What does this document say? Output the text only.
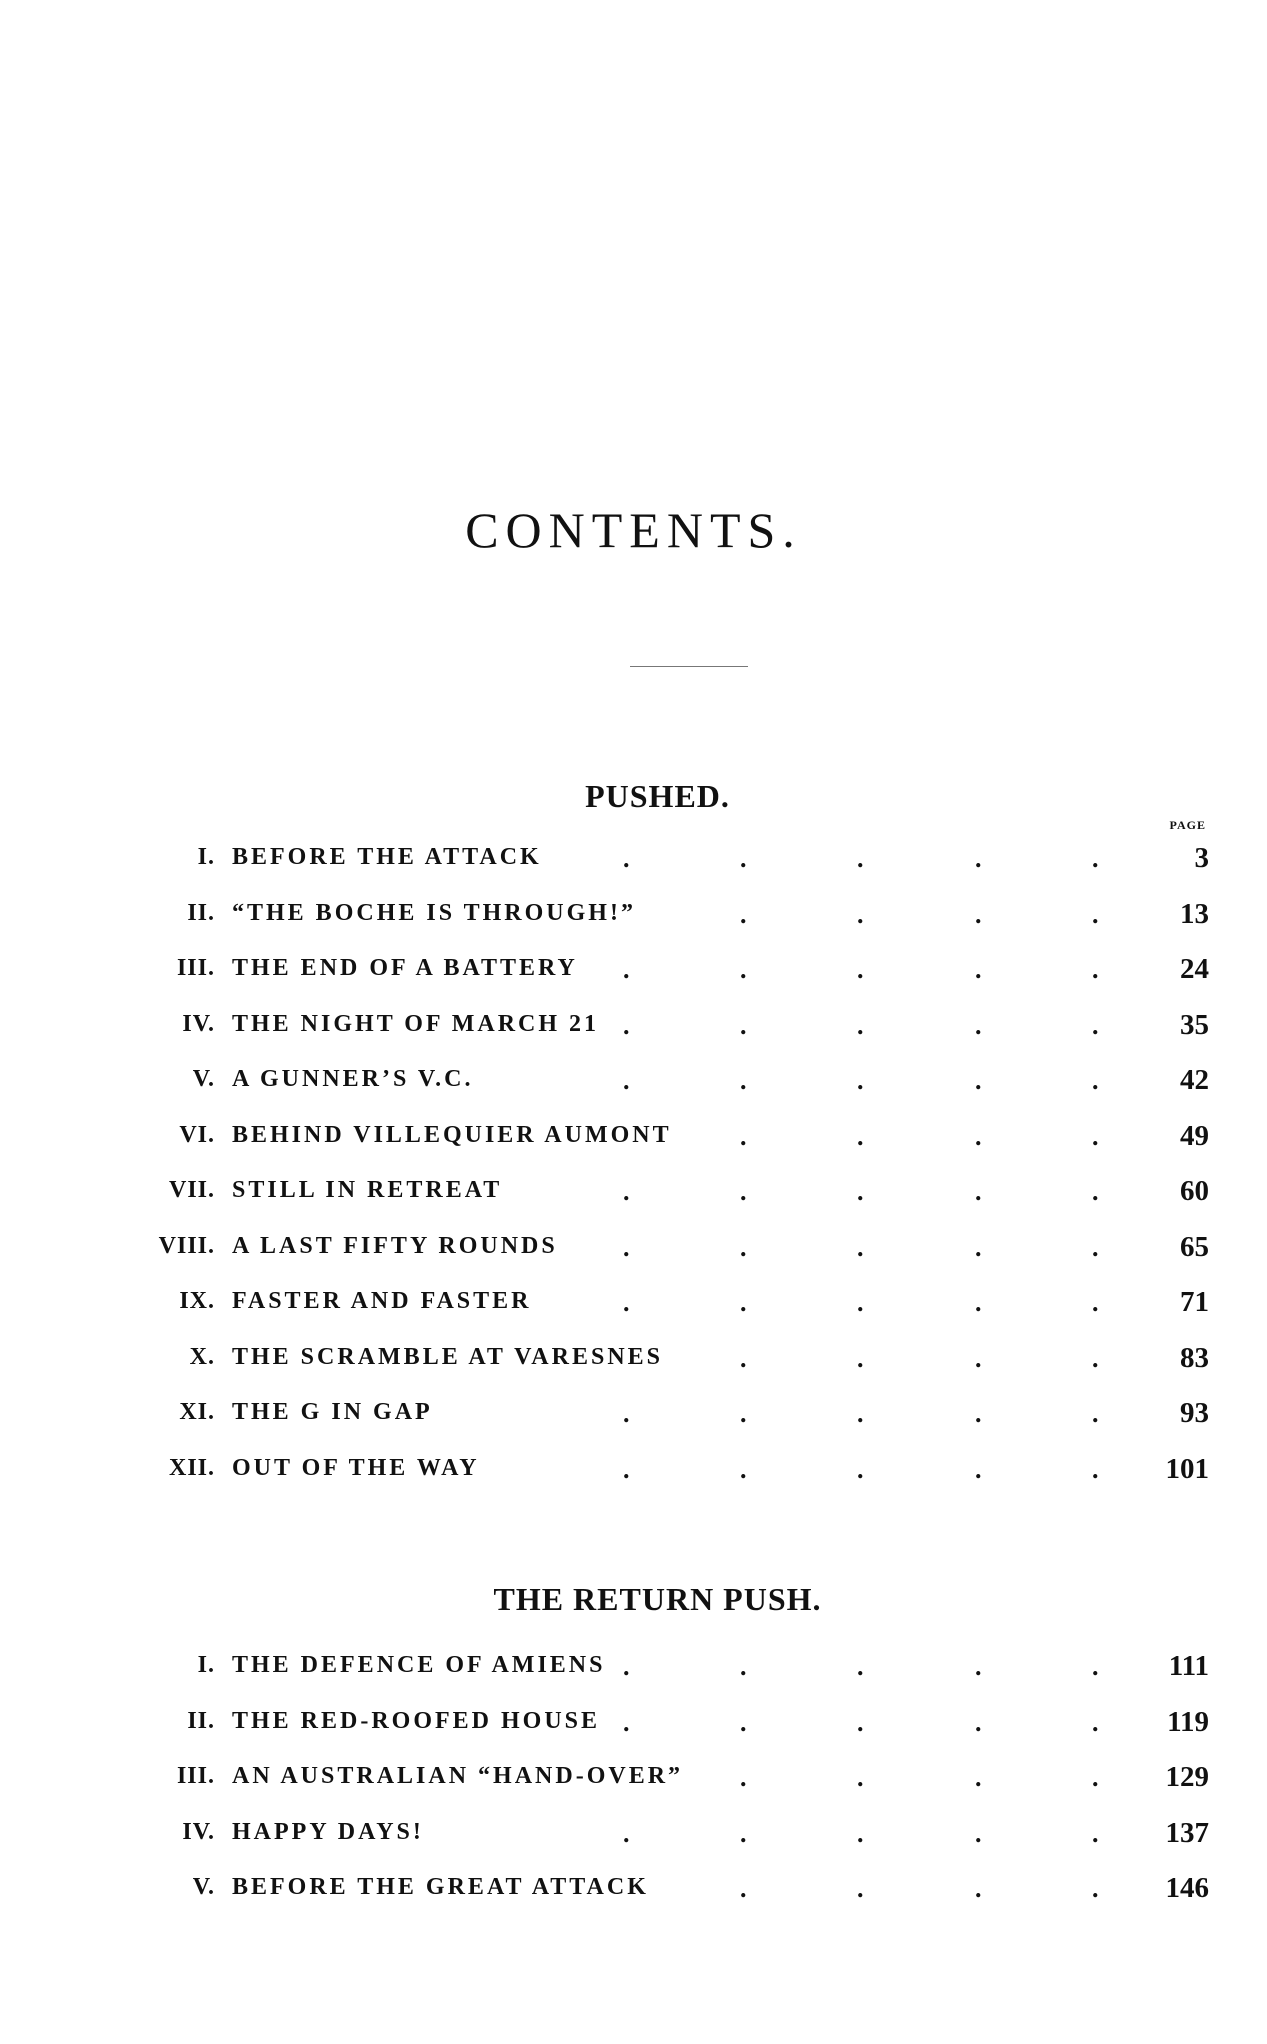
CONTENTS.
PUSHED.
PAGE
I. BEFORE THE ATTACK	3
.	.	.	.	.
II. “THE BOCHE IS THROUGH!”	13
.	.	.	.
III. THE END OF A BATTERY	24
.	.	.	.	.
IV. THE NIGHT OF MARCH 21	35
.	.	.	.	.
V. A GUNNER’S V.C.	42
.	.	.	.	.
VI. BEHIND VILLEQUIER AUMONT	49
.	.	.	.
VII. STILL IN RETREAT	60
.	.	.	.	.
VIII. A LAST FIFTY ROUNDS	65
.	.	.	.	.
IX. FASTER AND FASTER	71
.	.	.	.	.
X. THE SCRAMBLE AT VARESNES	83
.	.	.	.
XI. THE G IN GAP	93
.	.	.	.	.
XII. OUT OF THE WAY	101
.	.	.	.	.
THE RETURN PUSH.
I. THE DEFENCE OF AMIENS	111
.	.	.	.	.
II. THE RED-ROOFED HOUSE	119
.	.	.	.	.
III. AN AUSTRALIAN “HAND-OVER”	129
.	.	.	.
IV. HAPPY DAYS!	137
.	.	.	.	.
V. BEFORE THE GREAT ATTACK	146
.	.	.	.
